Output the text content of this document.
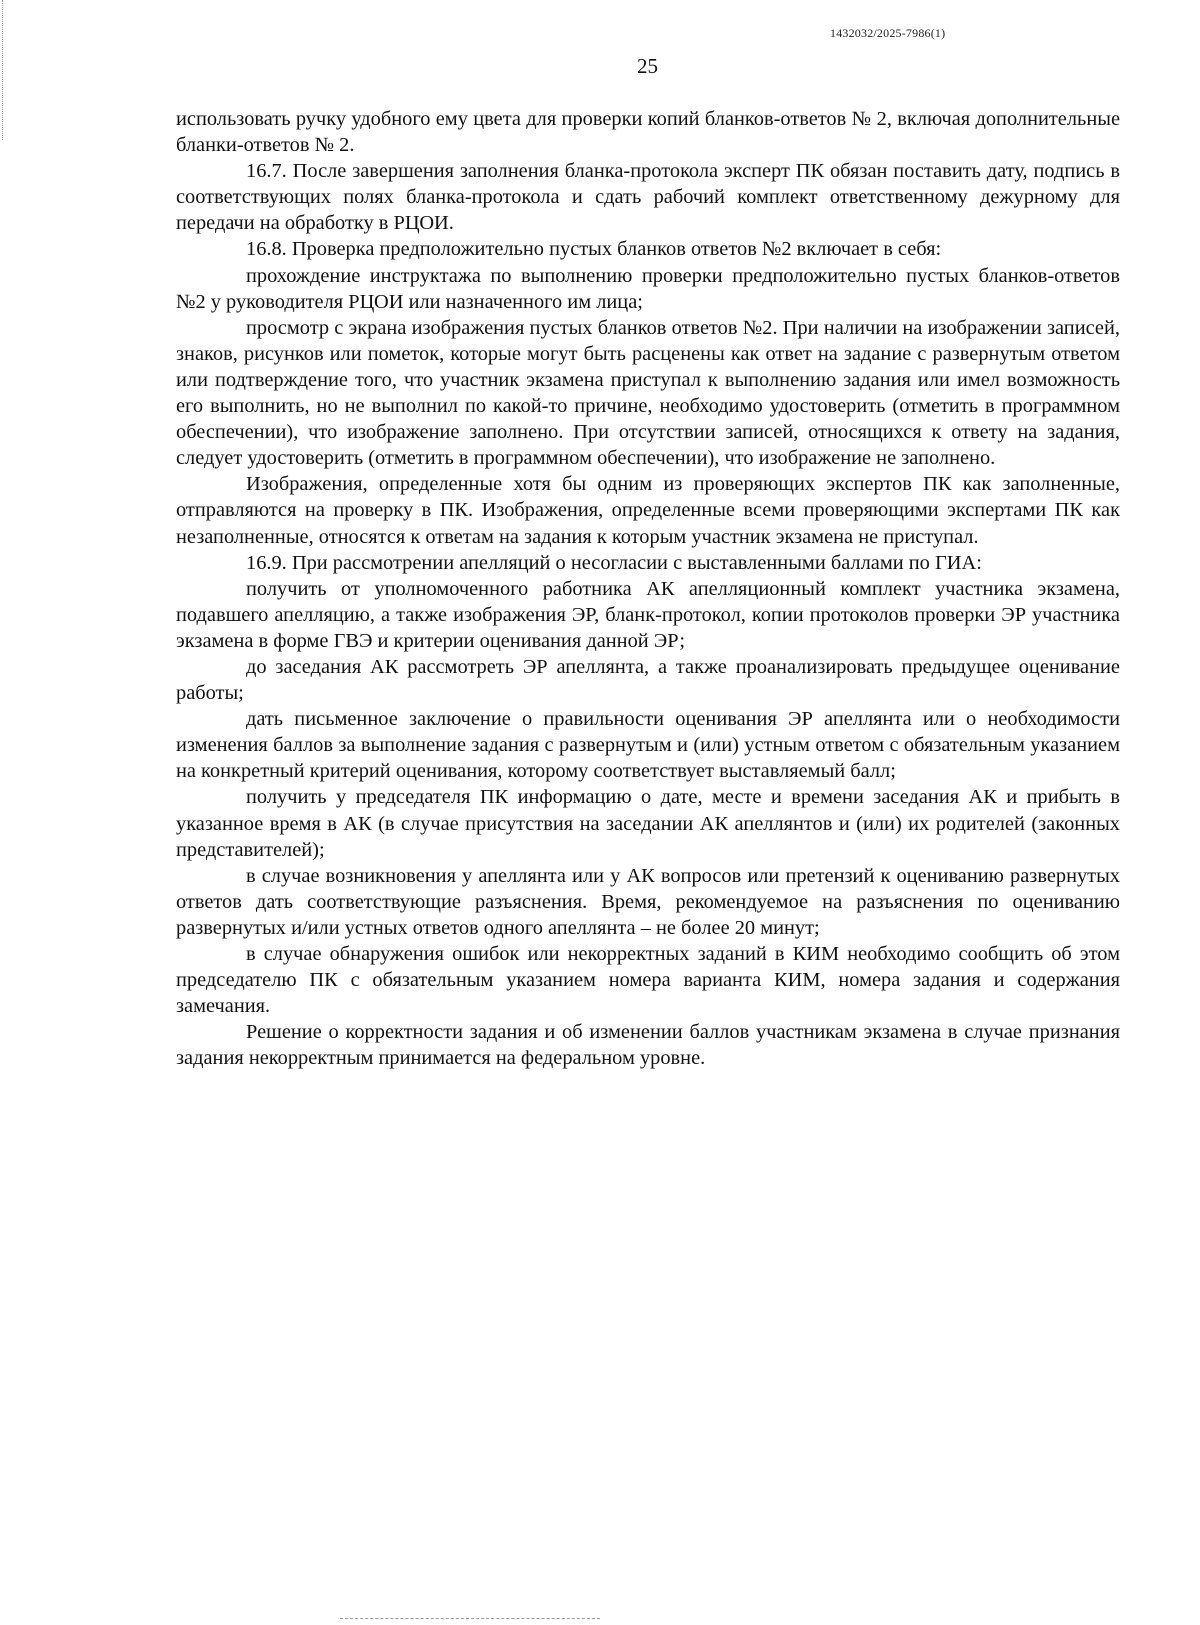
1432032/2025-7986(1)
25

использовать ручку удобного ему цвета для проверки копий бланков-ответов № 2, включая дополнительные бланки-ответов № 2.

16.7. После завершения заполнения бланка-протокола эксперт ПК обязан поставить дату, подпись в соответствующих полях бланка-протокола и сдать рабочий комплект ответственному дежурному для передачи на обработку в РЦОИ.

16.8. Проверка предположительно пустых бланков ответов №2 включает в себя:

прохождение инструктажа по выполнению проверки предположительно пустых бланков-ответов №2 у руководителя РЦОИ или назначенного им лица;

просмотр с экрана изображения пустых бланков ответов №2. При наличии на изображении записей, знаков, рисунков или пометок, которые могут быть расценены как ответ на задание с развернутым ответом или подтверждение того, что участник экзамена приступал к выполнению задания или имел возможность его выполнить, но не выполнил по какой-то причине, необходимо удостоверить (отметить в программном обеспечении), что изображение заполнено. При отсутствии записей, относящихся к ответу на задания, следует удостоверить (отметить в программном обеспечении), что изображение не заполнено.

Изображения, определенные хотя бы одним из проверяющих экспертов ПК как заполненные, отправляются на проверку в ПК. Изображения, определенные всеми проверяющими экспертами ПК как незаполненные, относятся к ответам на задания к которым участник экзамена не приступал.

16.9. При рассмотрении апелляций о несогласии с выставленными баллами по ГИА:

получить от уполномоченного работника АК апелляционный комплект участника экзамена, подавшего апелляцию, а также изображения ЭР, бланк-протокол, копии протоколов проверки ЭР участника экзамена в форме ГВЭ и критерии оценивания данной ЭР;

до заседания АК рассмотреть ЭР апеллянта, а также проанализировать предыдущее оценивание работы;

дать письменное заключение о правильности оценивания ЭР апеллянта или о необходимости изменения баллов за выполнение задания с развернутым и (или) устным ответом с обязательным указанием на конкретный критерий оценивания, которому соответствует выставляемый балл;

получить у председателя ПК информацию о дате, месте и времени заседания АК и прибыть в указанное время в АК (в случае присутствия на заседании АК апеллянтов и (или) их родителей (законных представителей);

в случае возникновения у апеллянта или у АК вопросов или претензий к оцениванию развернутых ответов дать соответствующие разъяснения. Время, рекомендуемое на разъяснения по оцениванию развернутых и/или устных ответов одного апеллянта – не более 20 минут;

в случае обнаружения ошибок или некорректных заданий в КИМ необходимо сообщить об этом председателю ПК с обязательным указанием номера варианта КИМ, номера задания и содержания замечания.

Решение о корректности задания и об изменении баллов участникам экзамена в случае признания задания некорректным принимается на федеральном уровне.
